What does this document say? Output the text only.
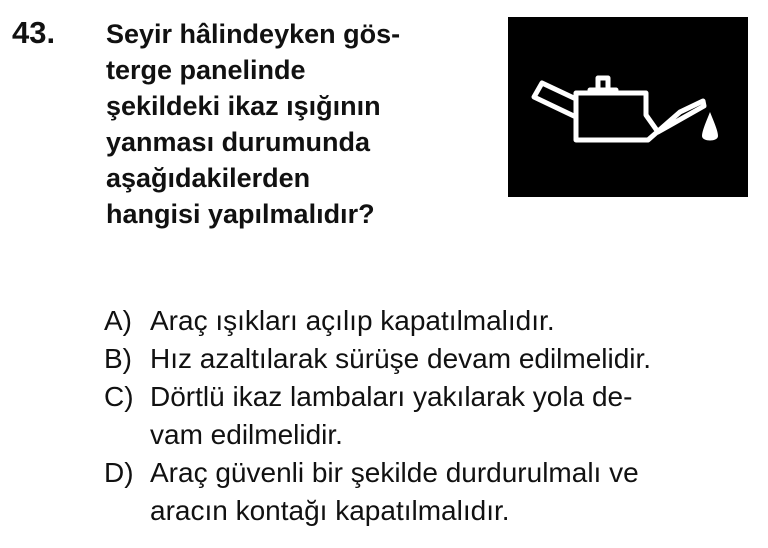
43. Seyir hâlindeyken gös-
terge panelinde
şekildeki ikaz ışığının
yanması durumunda
aşağıdakilerden
hangisi yapılmalıdır?
A) Araç ışıkları açılıp kapatılmalıdır.
B) Hız azaltılarak sürüşe devam edilmelidir.
C) Dörtlü ikaz lambaları yakılarak yola de-
vam edilmelidir.
D) Araç güvenli bir şekilde durdurulmalı ve
aracın kontağı kapatılmalıdır.
